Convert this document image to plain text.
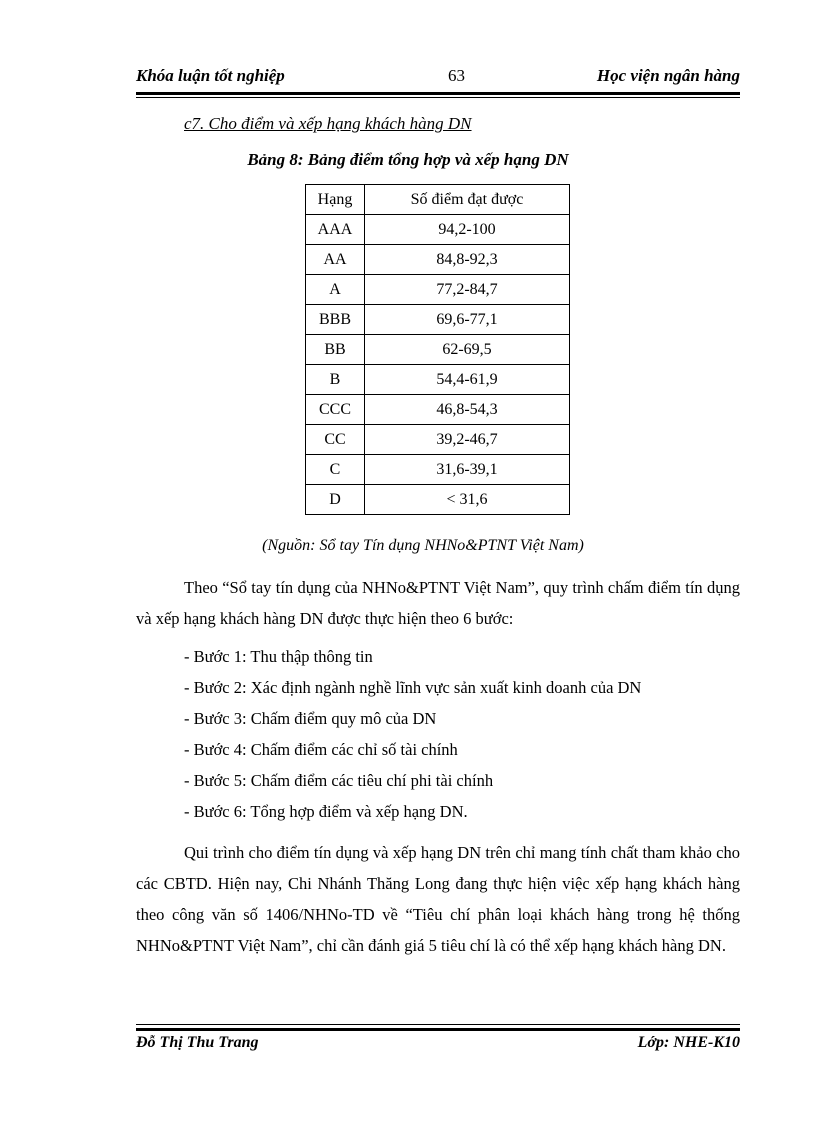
Khóa luận tốt nghiệp	63	Học viện ngân hàng
c7. Cho điểm và xếp hạng khách hàng DN
Bảng 8: Bảng điểm tổng hợp và xếp hạng DN
Hạng	Số điểm đạt được
AAA	94,2-100
AA	84,8-92,3
A	77,2-84,7
BBB	69,6-77,1
BB	62-69,5
B	54,4-61,9
CCC	46,8-54,3
CC	39,2-46,7
C	31,6-39,1
D	< 31,6
(Nguồn: Sổ tay Tín dụng NHNo&PTNT Việt Nam)
Theo “Sổ tay tín dụng của NHNo&PTNT Việt Nam”, quy trình chấm điểm tín dụng và xếp hạng khách hàng DN được thực hiện theo 6 bước:
- Bước 1: Thu thập thông tin
- Bước 2: Xác định ngành nghề lĩnh vực sản xuất kinh doanh của DN
- Bước 3: Chấm điểm quy mô của DN
- Bước 4: Chấm điểm các chỉ số tài chính
- Bước 5: Chấm điểm các tiêu chí phi tài chính
- Bước 6: Tổng hợp điểm và xếp hạng DN.
Qui trình cho điểm tín dụng và xếp hạng DN trên chỉ mang tính chất tham khảo cho các CBTD. Hiện nay, Chi Nhánh Thăng Long đang thực hiện việc xếp hạng khách hàng theo công văn số 1406/NHNo-TD về “Tiêu chí phân loại khách hàng trong hệ thống NHNo&PTNT Việt Nam”, chỉ cần đánh giá 5 tiêu chí là có thể xếp hạng khách hàng DN.
Đỗ Thị Thu Trang	Lớp: NHE-K10
